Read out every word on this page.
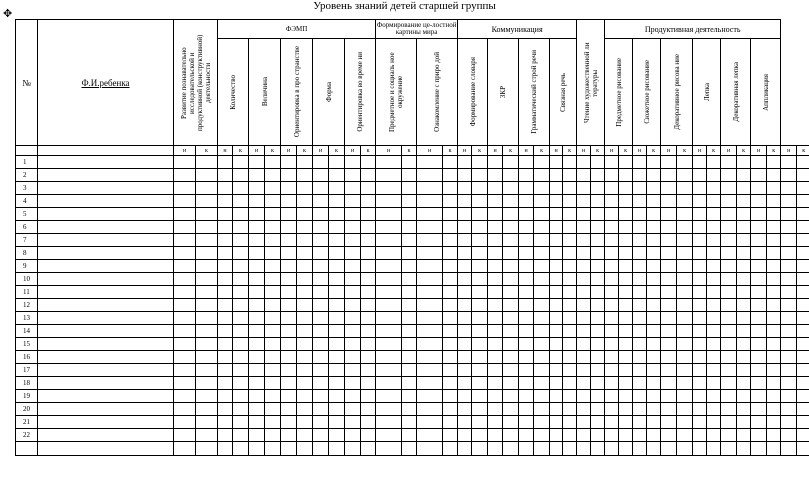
✥
Уровень знаний детей старшей группы
№	Ф.И.ребенка	Развитие познавательно исследовательской и продуктивной (конструктивной) деятельности		ФЭМП										Формирование це-лостной картины мира				Коммуникация								Чтение художественной ли тературы		Продуктивная деятельность													

				Количество		Величина		Ориентировка в про странстве		Форма		Ориентировка во време ни		Предметное и социаль ное окружение		Ознакомление с приро дой		Формирование словаря		ЗКР		Грамматический строй речи		Связная речь				Предметное рисование		Сюжетное рисование		Декоративное рисова ние		Лепка		Декоративная лепка		Аппликация			

		н	к	н	к	н	к	н	к	н	к	н	к	н	к	н	к	н	к	н	к	н	к	н	к	н	к	н	к	н	к	н	к	н	к	н	к	н	к	н	к
1																																									
2																																									
3																																									
4																																									
5																																									
6																																									
7																																									
8																																									
9																																									
10																																									
11																																									
12																																									
13																																									
14																																									
15																																									
16																																									
17																																									
18																																									
19																																									
20																																									
21																																									
22																																									
